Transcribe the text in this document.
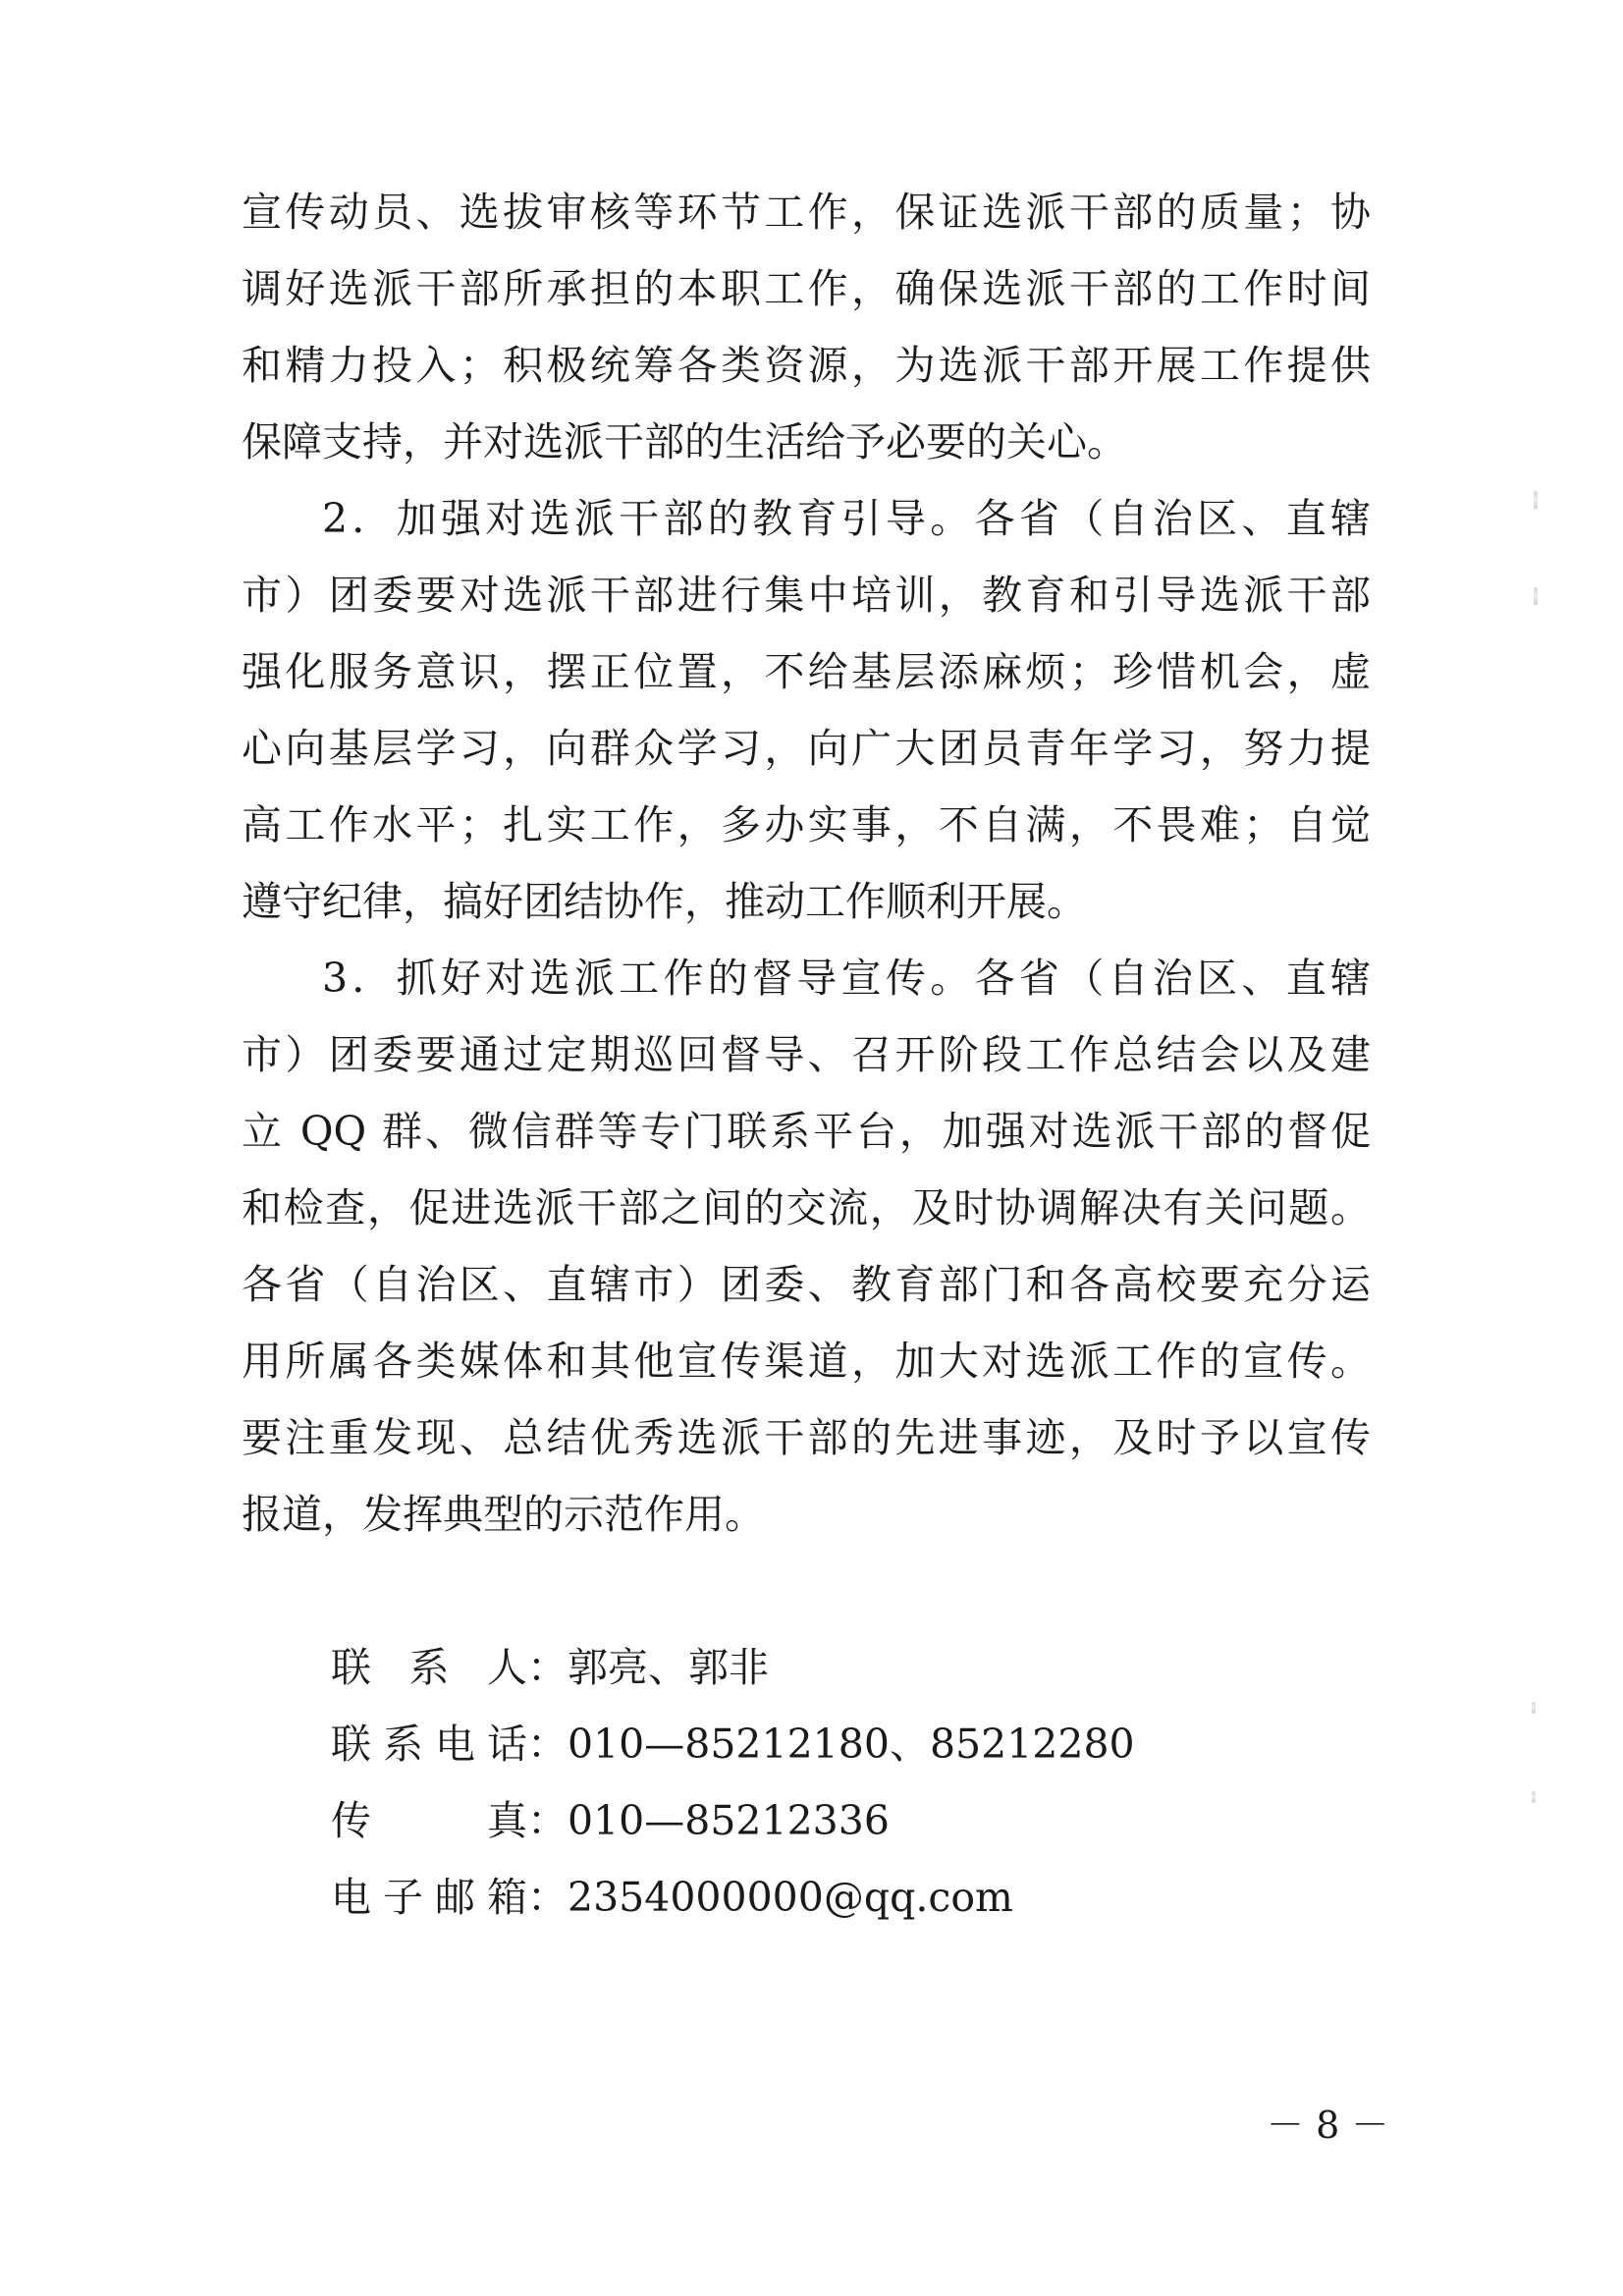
宣传动员、选拔审核等环节工作，保证选派干部的质量；协
调好选派干部所承担的本职工作，确保选派干部的工作时间
和精力投入；积极统筹各类资源，为选派干部开展工作提供
保障支持，并对选派干部的生活给予必要的关心。
2．加强对选派干部的教育引导。各省（自治区、直辖
市）团委要对选派干部进行集中培训，教育和引导选派干部
强化服务意识，摆正位置，不给基层添麻烦；珍惜机会，虚
心向基层学习，向群众学习，向广大团员青年学习，努力提
高工作水平；扎实工作，多办实事，不自满，不畏难；自觉
遵守纪律，搞好团结协作，推动工作顺利开展。
3．抓好对选派工作的督导宣传。各省（自治区、直辖
市）团委要通过定期巡回督导、召开阶段工作总结会以及建
立 QQ 群、微信群等专门联系平台，加强对选派干部的督促
和检查，促进选派干部之间的交流，及时协调解决有关问题。
各省（自治区、直辖市）团委、教育部门和各高校要充分运
用所属各类媒体和其他宣传渠道，加大对选派工作的宣传。
要注重发现、总结优秀选派干部的先进事迹，及时予以宣传
报道，发挥典型的示范作用。
联系人：郭亮、郭非
联系电话：010—85212180、85212280
传真：010—85212336
电子邮箱：2354000000@qq.com
－ 8 －
